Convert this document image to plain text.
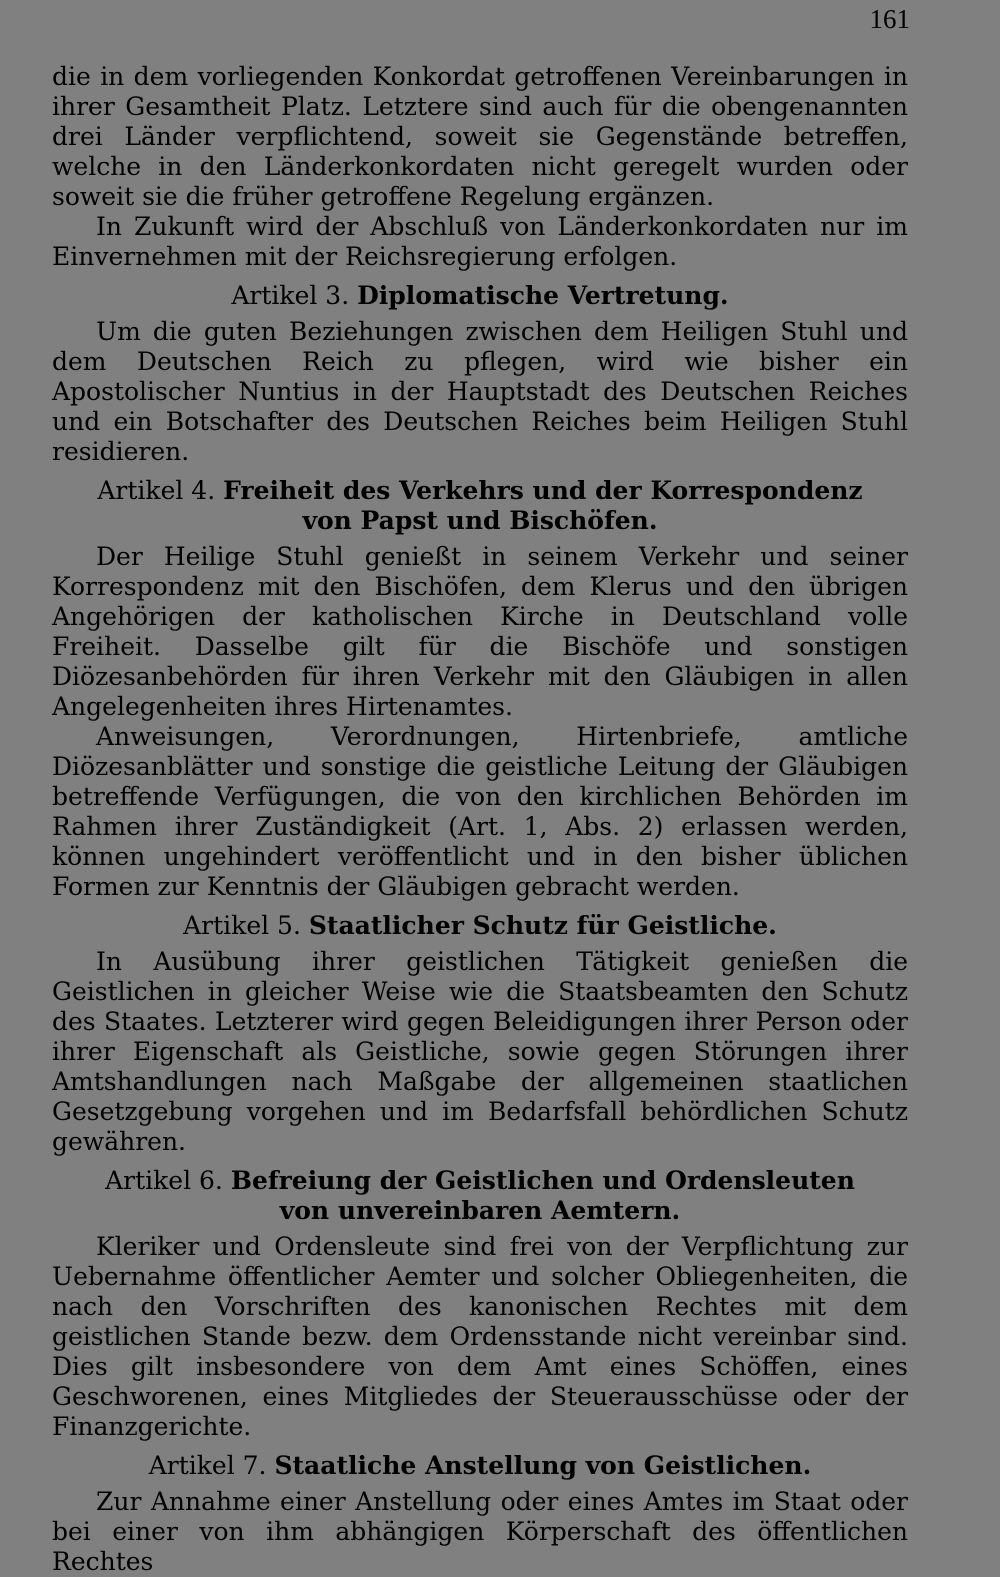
161

die in dem vorliegenden Konkordat getroffenen Vereinbarungen in ihrer Gesamtheit Platz. Letztere sind auch für die obengenannten drei Länder verpflichtend, soweit sie Gegenstände betreffen, welche in den Länderkonkordaten nicht geregelt wurden oder soweit sie die früher getroffene Regelung ergänzen.

In Zukunft wird der Abschluß von Länderkonkordaten nur im Einvernehmen mit der Reichsregierung erfolgen.

Artikel 3. Diplomatische Vertretung.

Um die guten Beziehungen zwischen dem Heiligen Stuhl und dem Deutschen Reich zu pflegen, wird wie bisher ein Apostolischer Nuntius in der Hauptstadt des Deutschen Reiches und ein Botschafter des Deutschen Reiches beim Heiligen Stuhl residieren.

Artikel 4. Freiheit des Verkehrs und der Korrespondenz von Papst und Bischöfen.

Der Heilige Stuhl genießt in seinem Verkehr und seiner Korrespondenz mit den Bischöfen, dem Klerus und den übrigen Angehörigen der katholischen Kirche in Deutschland volle Freiheit. Dasselbe gilt für die Bischöfe und sonstigen Diözesanbehörden für ihren Verkehr mit den Gläubigen in allen Angelegenheiten ihres Hirtenamtes.

Anweisungen, Verordnungen, Hirtenbriefe, amtliche Diözesanblätter und sonstige die geistliche Leitung der Gläubigen betreffende Verfügungen, die von den kirchlichen Behörden im Rahmen ihrer Zuständigkeit (Art. 1, Abs. 2) erlassen werden, können ungehindert veröffentlicht und in den bisher üblichen Formen zur Kenntnis der Gläubigen gebracht werden.

Artikel 5. Staatlicher Schutz für Geistliche.

In Ausübung ihrer geistlichen Tätigkeit genießen die Geistlichen in gleicher Weise wie die Staatsbeamten den Schutz des Staates. Letzterer wird gegen Beleidigungen ihrer Person oder ihrer Eigenschaft als Geistliche, sowie gegen Störungen ihrer Amtshandlungen nach Maßgabe der allgemeinen staatlichen Gesetzgebung vorgehen und im Bedarfsfall behördlichen Schutz gewähren.

Artikel 6. Befreiung der Geistlichen und Ordensleuten von unvereinbaren Aemtern.

Kleriker und Ordensleute sind frei von der Verpflichtung zur Uebernahme öffentlicher Aemter und solcher Obliegenheiten, die nach den Vorschriften des kanonischen Rechtes mit dem geistlichen Stande bezw. dem Ordensstande nicht vereinbar sind. Dies gilt insbesondere von dem Amt eines Schöffen, eines Geschworenen, eines Mitgliedes der Steuerausschüsse oder der Finanzgerichte.

Artikel 7. Staatliche Anstellung von Geistlichen.

Zur Annahme einer Anstellung oder eines Amtes im Staat oder bei einer von ihm abhängigen Körperschaft des öffentlichen Rechtes
